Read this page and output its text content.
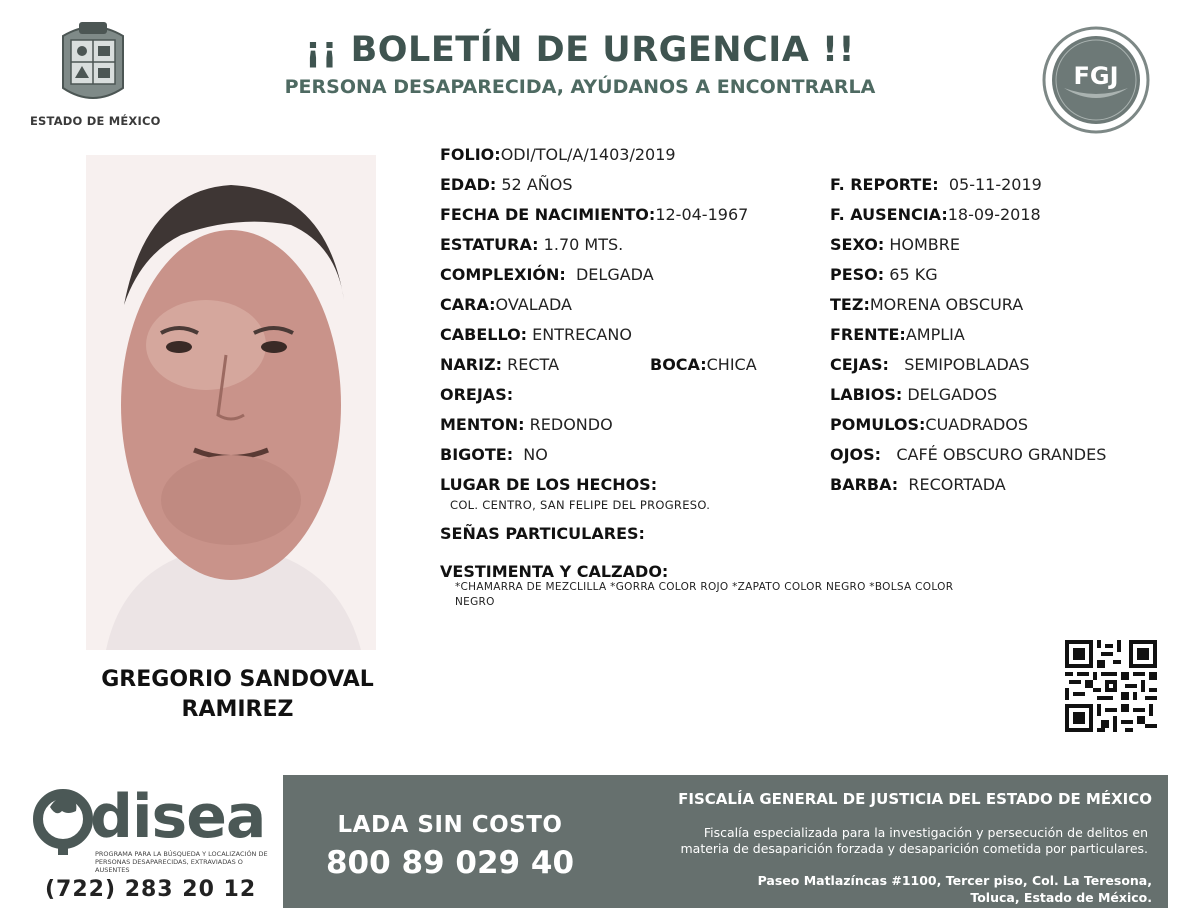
ESTADO DE MÉXICO
¡¡ BOLETÍN DE URGENCIA !!
PERSONA DESAPARECIDA, AYÚDANOS A ENCONTRARLA	FGJ
GREGORIO SANDOVAL
RAMIREZ
FOLIO:ODI/TOL/A/1403/2019
EDAD: 52 AÑOS
FECHA DE NACIMIENTO:12-04-1967
ESTATURA: 1.70 MTS.
COMPLEXIÓN: DELGADA
CARA:OVALADA
CABELLO: ENTRECANO
NARIZ: RECTA	BOCA:CHICA
OREJAS:
MENTON: REDONDO
BIGOTE: NO
LUGAR DE LOS HECHOS:
COL. CENTRO, SAN FELIPE DEL PROGRESO.
SEÑAS PARTICULARES:
VESTIMENTA Y CALZADO:
*CHAMARRA DE MEZCLILLA *GORRA COLOR ROJO *ZAPATO COLOR NEGRO *BOLSA COLOR
NEGRO
F. REPORTE: 05-11-2019
F. AUSENCIA:18-09-2018
SEXO: HOMBRE
PESO: 65 KG
TEZ:MORENA OBSCURA
FRENTE:AMPLIA
CEJAS: SEMIPOBLADAS
LABIOS: DELGADOS
POMULOS:CUADRADOS
OJOS: CAFÉ OBSCURO GRANDES
BARBA: RECORTADA
disea
PROGRAMA PARA LA BÚSQUEDA Y LOCALIZACIÓN DE PERSONAS DESAPARECIDAS, EXTRAVIADAS O AUSENTES
(722) 283 20 12
LADA SIN COSTO
800 89 029 40
FISCALÍA GENERAL DE JUSTICIA DEL ESTADO DE MÉXICO
Fiscalía especializada para la investigación y persecución de delitos en
materia de desaparición forzada y desaparición cometida por particulares.
Paseo Matlazíncas #1100, Tercer piso, Col. La Teresona,
Toluca, Estado de México.
